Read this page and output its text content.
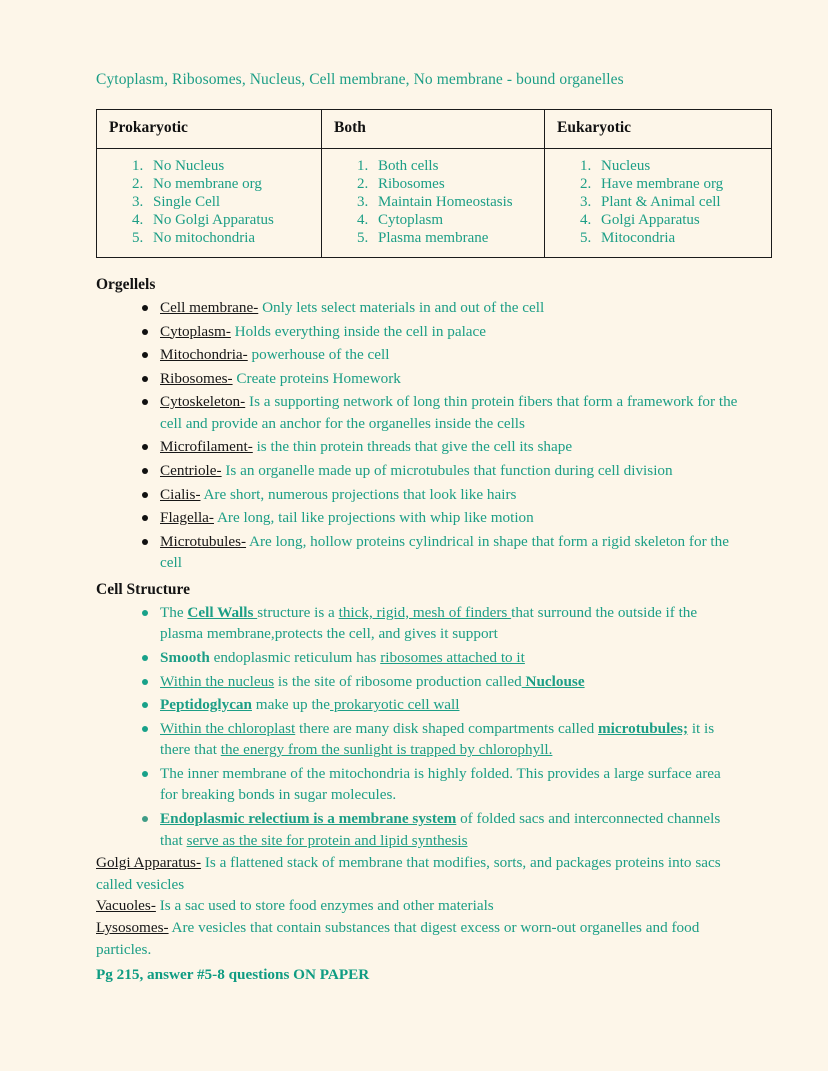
Cytoplasm, Ribosomes, Nucleus, Cell membrane, No membrane - bound organelles

Prokaryotic	Both	Eukaryotic

1. No Nucleus
2. No membrane org
3. Single Cell
4. No Golgi Apparatus
5. No mitochondria

1. Both cells
2. Ribosomes
3. Maintain Homeostasis
4. Cytoplasm
5. Plasma membrane

1. Nucleus
2. Have membrane org
3. Plant & Animal cell
4. Golgi Apparatus
5. Mitocondria
Orgellels
Cell membrane- Only lets select materials in and out of the cell
Cytoplasm- Holds everything inside the cell in palace
Mitochondria- powerhouse of the cell
Ribosomes- Create proteins Homework
Cytoskeleton- Is a supporting network of long thin protein fibers that form a framework for the cell and provide an anchor for the organelles inside the cells
Microfilament- is the thin protein threads that give the cell its shape
Centriole- Is an organelle made up of microtubules that function during cell division
Cialis- Are short, numerous projections that look like hairs
Flagella- Are long, tail like projections with whip like motion
Microtubules- Are long, hollow proteins cylindrical in shape that form a rigid skeleton for the cell
Cell Structure
The Cell Walls structure is a thick, rigid, mesh of finders that surround the outside if the plasma membrane,protects the cell, and gives it support
Smooth endoplasmic reticulum has ribosomes attached to it
Within the nucleus is the site of ribosome production called Nuclouse
Peptidoglycan make up the prokaryotic cell wall
Within the chloroplast there are many disk shaped compartments called microtubules; it is there that the energy from the sunlight is trapped by chlorophyll.
The inner membrane of the mitochondria is highly folded. This provides a large surface area for breaking bonds in sugar molecules.
Endoplasmic relectium is a membrane system of folded sacs and interconnected channels that serve as the site for protein and lipid synthesis

Golgi Apparatus- Is a flattened stack of membrane that modifies, sorts, and packages proteins into sacs called vesicles

Vacuoles- Is a sac used to store food enzymes and other materials

Lysosomes- Are vesicles that contain substances that digest excess or worn-out organelles and food particles.

Pg 215, answer #5-8 questions ON PAPER
